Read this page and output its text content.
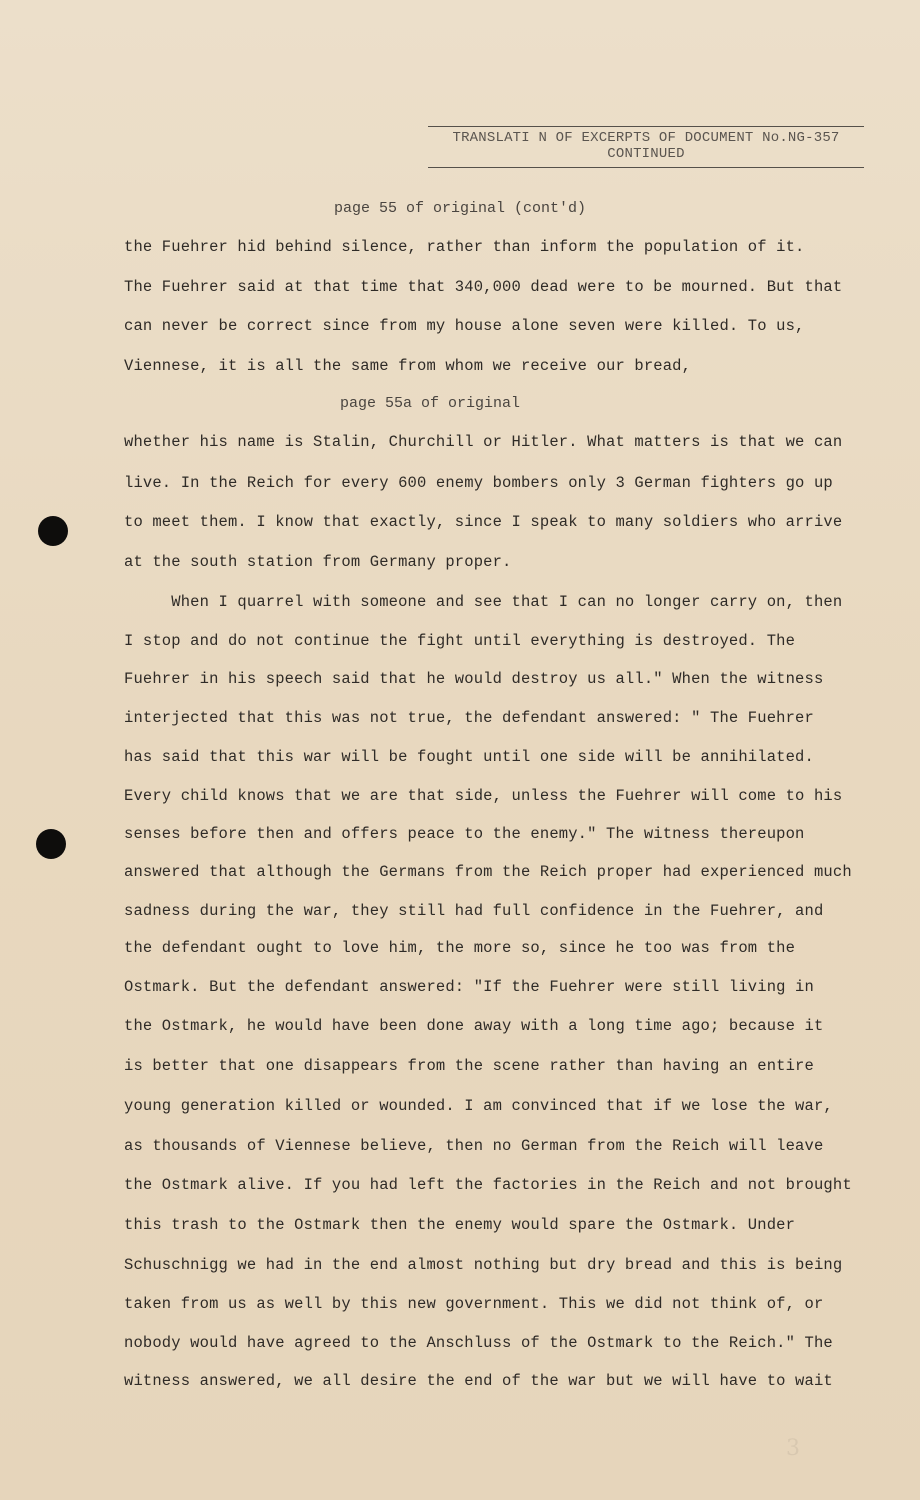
TRANSLATI N OF EXCERPTS OF DOCUMENT No.NG-357
CONTINUED
page 55 of original (cont'd)
the Fuehrer hid behind silence, rather than inform the population of it.
The Fuehrer said at that time that 340,000 dead were to be mourned. But that
can never be correct since from my house alone seven were killed. To us,
Viennese, it is all the same from whom we receive our bread,
page 55a of original
whether his name is Stalin, Churchill or Hitler. What matters is that we can
live. In the Reich for every 600 enemy bombers only 3 German fighters go up
to meet them. I know that exactly, since I speak to many soldiers who arrive
at the south station from Germany proper.
When I quarrel with someone and see that I can no longer carry on, then
I stop and do not continue the fight until everything is destroyed. The
Fuehrer in his speech said that he would destroy us all." When the witness
interjected that this was not true, the defendant answered: " The Fuehrer
has said that this war will be fought until one side will be annihilated.
Every child knows that we are that side, unless the Fuehrer will come to his
senses before then and offers peace to the enemy." The witness thereupon
answered that although the Germans from the Reich proper had experienced much
sadness during the war, they still had full confidence in the Fuehrer, and
the defendant ought to love him, the more so, since he too was from the
Ostmark. But the defendant answered: "If the Fuehrer were still living in
the Ostmark, he would have been done away with a long time ago; because it
is better that one disappears from the scene rather than having an entire
young generation killed or wounded. I am convinced that if we lose the war,
as thousands of Viennese believe, then no German from the Reich will leave
the Ostmark alive. If you had left the factories in the Reich and not brought
this trash to the Ostmark then the enemy would spare the Ostmark. Under
Schuschnigg we had in the end almost nothing but dry bread and this is being
taken from us as well by this new government. This we did not think of, or
nobody would have agreed to the Anschluss of the Ostmark to the Reich." The
witness answered, we all desire the end of the war but we will have to wait
3
